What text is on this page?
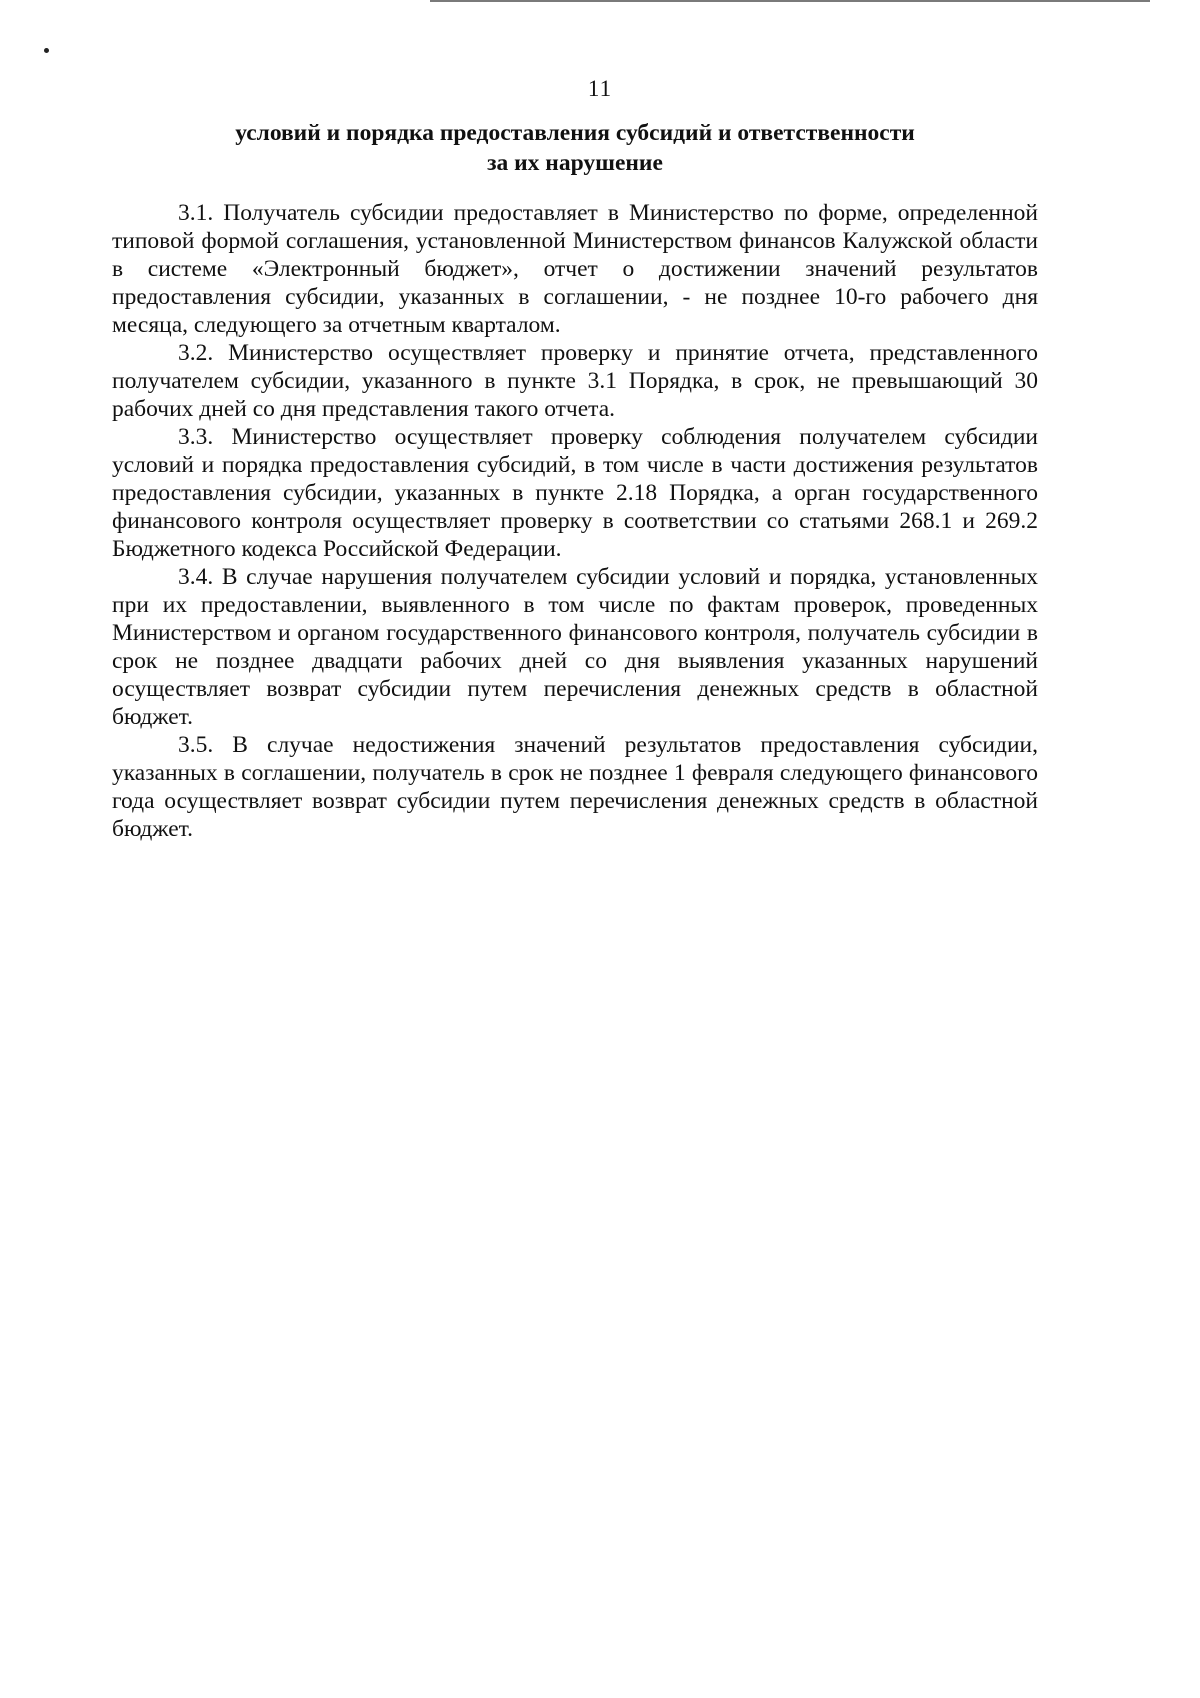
11
условий и порядка предоставления субсидий и ответственности
за их нарушение

3.1. Получатель субсидии предоставляет в Министерство по форме, определенной типовой формой соглашения, установленной Министерством финансов Калужской области в системе «Электронный бюджет», отчет о достижении значений результатов предоставления субсидии, указанных в соглашении, - не позднее 10-го рабочего дня месяца, следующего за отчетным кварталом.

3.2. Министерство осуществляет проверку и принятие отчета, представленного получателем субсидии, указанного в пункте 3.1 Порядка, в срок, не превышающий 30 рабочих дней со дня представления такого отчета.

3.3. Министерство осуществляет проверку соблюдения получателем субсидии условий и порядка предоставления субсидий, в том числе в части достижения результатов предоставления субсидии, указанных в пункте 2.18 Порядка, а орган государственного финансового контроля осуществляет проверку в соответствии со статьями 268.1 и 269.2 Бюджетного кодекса Российской Федерации.

3.4. В случае нарушения получателем субсидии условий и порядка, установленных при их предоставлении, выявленного в том числе по фактам проверок, проведенных Министерством и органом государственного финансового контроля, получатель субсидии в срок не позднее двадцати рабочих дней со дня выявления указанных нарушений осуществляет возврат субсидии путем перечисления денежных средств в областной бюджет.

3.5. В случае недостижения значений результатов предоставления субсидии, указанных в соглашении, получатель в срок не позднее 1 февраля следующего финансового года осуществляет возврат субсидии путем перечисления денежных средств в областной бюджет.
